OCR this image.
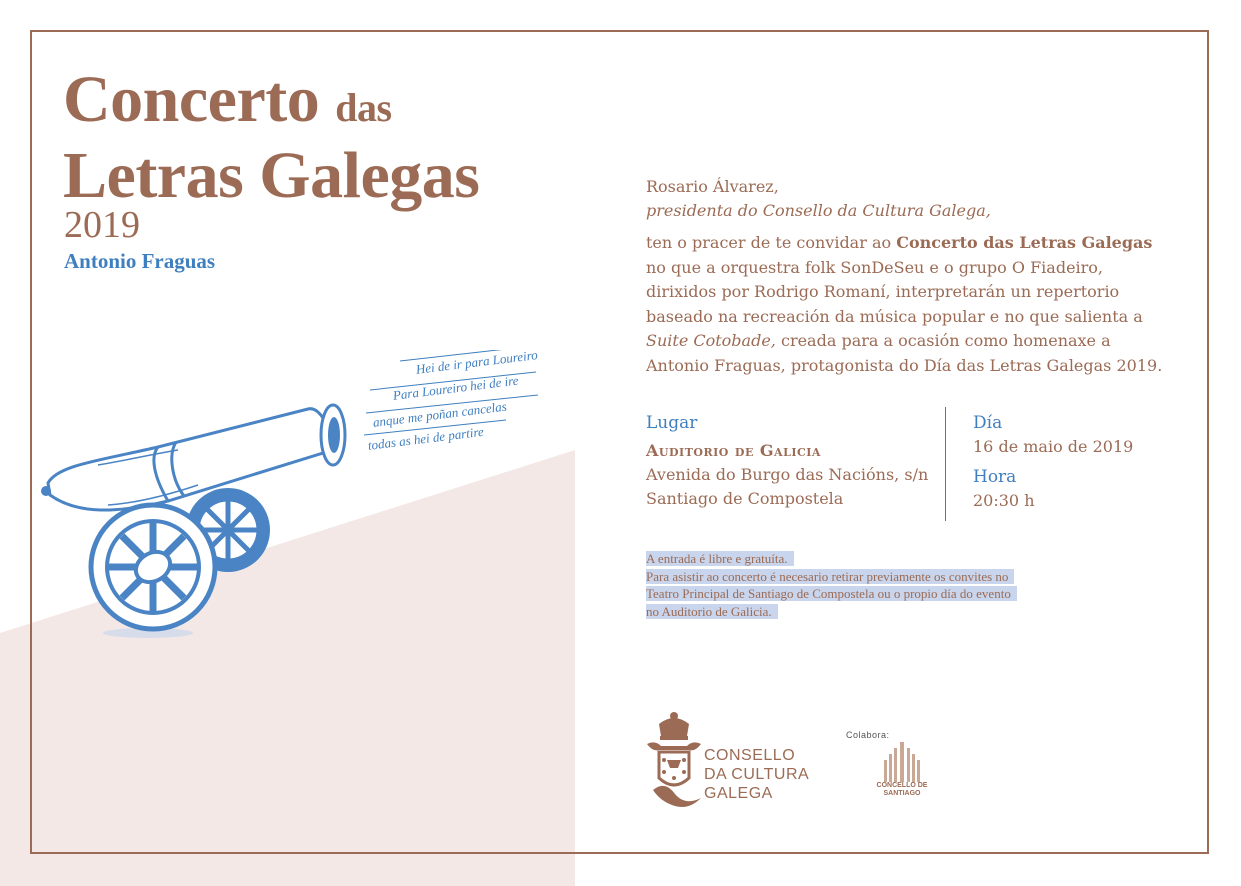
Concerto das
Letras Galegas
2019
Antonio Fraguas
Hei de ir para Loureiro
Para Loureiro hei de ire
anque me poñan cancelas
todas as hei de partire
Rosario Álvarez,
presidenta do Consello da Cultura Galega,
ten o pracer de te convidar ao Concerto das Letras Galegas no que a orquestra folk SonDeSeu e o grupo O Fiadeiro, dirixidos por Rodrigo Romaní, interpretarán un repertorio baseado na recreación da música popular e no que salienta a Suite Cotobade, creada para a ocasión como homenaxe a Antonio Fraguas, protagonista do Día das Letras Galegas 2019.
Lugar
Auditorio de Galicia
Avenida do Burgo das Nacións, s/n
Santiago de Compostela
Día
16 de maio de 2019
Hora
20:30 h
A entrada é libre e gratuíta.
Para asistir ao concerto é necesario retirar previamente os convites no
Teatro Principal de Santiago de Compostela ou o propio día do evento
no Auditorio de Galicia.
CONSELLO
DA CULTURA
GALEGA
Colabora:
CONCELLO DE
SANTIAGO
